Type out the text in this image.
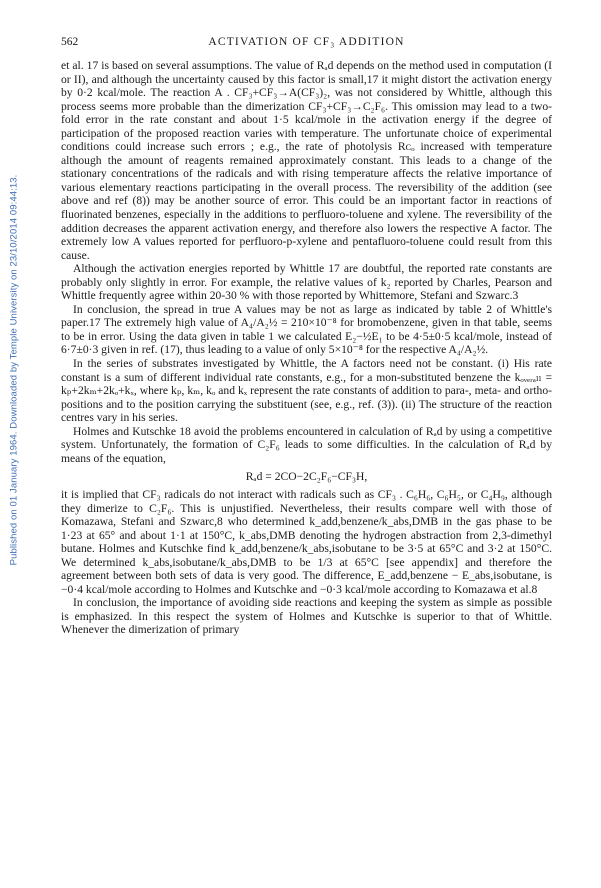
Published on 01 January 1964. Downloaded by Temple University on 23/10/2014 09:44:13.
562	ACTIVATION OF CF₃ ADDITION

et al. 17 is based on several assumptions. The value of Rₐd depends on the method used in computation (I or II), and although the uncertainty caused by this factor is small,17 it might distort the activation energy by 0·2 kcal/mole. The reaction A . CF₃+CF₃→A(CF₃)₂, was not considered by Whittle, although this process seems more probable than the dimerization CF₃+CF₃→C₂F₆. This omission may lead to a two-fold error in the rate constant and about 1·5 kcal/mole in the activation energy if the degree of participation of the proposed reaction varies with temperature. The unfortunate choice of experimental conditions could increase such errors ; e.g., the rate of photolysis Rᴄₒ increased with temperature although the amount of reagents remained approximately constant. This leads to a change of the stationary concentrations of the radicals and with rising temperature affects the relative importance of various elementary reactions participating in the overall process. The reversibility of the addition (see above and ref (8)) may be another source of error. This could be an important factor in reactions of fluorinated benzenes, especially in the additions to perfluoro-toluene and xylene. The reversibility of the addition decreases the apparent activation energy, and therefore also lowers the respective A factor. The extremely low A values reported for perfluoro-p-xylene and pentafluoro-toluene could result from this cause.

Although the activation energies reported by Whittle 17 are doubtful, the reported rate constants are probably only slightly in error. For example, the relative values of k₂ reported by Charles, Pearson and Whittle frequently agree within 20-30 % with those reported by Whittemore, Stefani and Szwarc.3

In conclusion, the spread in true A values may be not as large as indicated by table 2 of Whittle's paper.17 The extremely high value of A₄/A₂½ = 210×10⁻⁸ for bromobenzene, given in that table, seems to be in error. Using the data given in table 1 we calculated E₂−½E₁ to be 4·5±0·5 kcal/mole, instead of 6·7±0·3 given in ref. (17), thus leading to a value of only 5×10⁻⁸ for the respective A₄/A₂½.

In the series of substrates investigated by Whittle, the A factors need not be constant. (i) His rate constant is a sum of different individual rate constants, e.g., for a mon-substituted benzene the kₒᵥₑᵣₐₗₗ = kₚ+2kₘ+2kₒ+kₓ, where kₚ, kₘ, kₒ and kₓ represent the rate constants of addition to para-, meta- and ortho-positions and to the position carrying the substituent (see, e.g., ref. (3)). (ii) The structure of the reaction centres vary in his series.

Holmes and Kutschke 18 avoid the problems encountered in calculation of Rₐd by using a competitive system. Unfortunately, the formation of C₂F₆ leads to some difficulties. In the calculation of Rₐd by means of the equation,

Rₐd = 2CO−2C₂F₆−CF₃H,

it is implied that CF₃ radicals do not interact with radicals such as CF₃ . C₆H₆, C₆H₅, or C₄H₉, although they dimerize to C₂F₆. This is unjustified. Nevertheless, their results compare well with those of Komazawa, Stefani and Szwarc,8 who determined k_add,benzene/k_abs,DMB in the gas phase to be 1·23 at 65° and about 1·1 at 150°C, k_abs,DMB denoting the hydrogen abstraction from 2,3-dimethyl butane. Holmes and Kutschke find k_add,benzene/k_abs,isobutane to be 3·5 at 65°C and 3·2 at 150°C. We determined k_abs,isobutane/k_abs,DMB to be 1/3 at 65°C [see appendix] and therefore the agreement between both sets of data is very good. The difference, E_add,benzene − E_abs,isobutane, is −0·4 kcal/mole according to Holmes and Kutschke and −0·3 kcal/mole according to Komazawa et al.8

In conclusion, the importance of avoiding side reactions and keeping the system as simple as possible is emphasized. In this respect the system of Holmes and Kutschke is superior to that of Whittle. Whenever the dimerization of primary
